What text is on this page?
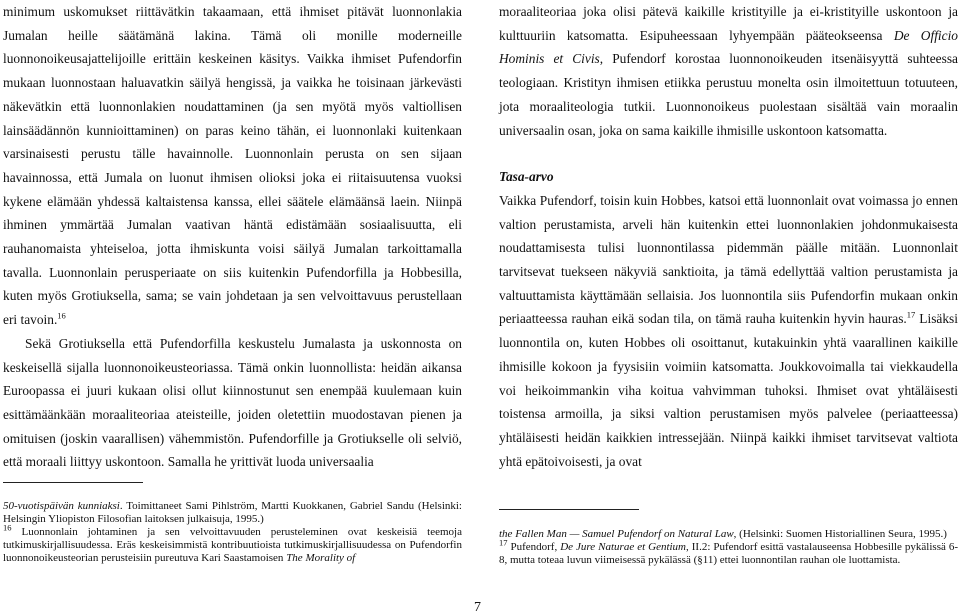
minimum uskomukset riittävätkin takaamaan, että ihmiset pitävät luonnonlakia Jumalan heille säätämänä lakina. Tämä oli monille moderneille luonnonoikeusajattelijoille erittäin keskeinen käsitys. Vaikka ihmiset Pufendorfin mukaan luonnostaan haluavatkin säilyä hengissä, ja vaikka he toisinaan järkevästi näkevätkin että luonnonlakien noudattaminen (ja sen myötä myös valtiollisen lainsäädännön kunnioittaminen) on paras keino tähän, ei luonnonlaki kuitenkaan varsinaisesti perustu tälle havainnolle. Luonnonlain perusta on sen sijaan havainnossa, että Jumala on luonut ihmisen olioksi joka ei riitaisuutensa vuoksi kykene elämään yhdessä kaltaistensa kanssa, ellei säätele elämäänsä laein. Niinpä ihminen ymmärtää Jumalan vaativan häntä edistämään sosiaalisuutta, eli rauhanomaista yhteiseloa, jotta ihmiskunta voisi säilyä Jumalan tarkoittamalla tavalla. Luonnonlain perusperiaate on siis kuitenkin Pufendorfilla ja Hobbesilla, kuten myös Grotiuksella, sama; se vain johdetaan ja sen velvoittavuus perustellaan eri tavoin.$^{16}$

Sekä Grotiuksella että Pufendorfilla keskustelu Jumalasta ja uskonnosta on keskeisellä sijalla luonnonoikeusteoriassa. Tämä onkin luonnollista: heidän aikansa Euroopassa ei juuri kukaan olisi ollut kiinnostunut sen enempää kuulemaan kuin esittämäänkään moraaliteoriaa ateisteille, joiden oletettiin muodostavan pienen ja omituisen (joskin vaarallisen) vähemmistön. Pufendorfille ja Grotiukselle oli selviö, että moraali liittyy uskontoon. Samalla he yrittivät luoda universaalia

moraaliteoriaa joka olisi pätevä kaikille kristityille ja ei-kristityille uskontoon ja kulttuuriin katsomatta. Esipuheessaan lyhyempään pääteokseensa De Officio Hominis et Civis, Pufendorf korostaa luonnonoikeuden itsenäisyyttä suhteessa teologiaan. Kristityn ihmisen etiikka perustuu monelta osin ilmoitettuun totuuteen, jota moraaliteologia tutkii. Luonnonoikeus puolestaan sisältää vain moraalin universaalin osan, joka on sama kaikille ihmisille uskontoon katsomatta.

Tasa-arvo

Vaikka Pufendorf, toisin kuin Hobbes, katsoi että luonnonlait ovat voimassa jo ennen valtion perustamista, arveli hän kuitenkin ettei luonnonlakien johdonmukaisesta noudattamisesta tulisi luonnontilassa pidemmän päälle mitään. Luonnonlait tarvitsevat tuekseen näkyviä sanktioita, ja tämä edellyttää valtion perustamista ja valtuuttamista käyttämään sellaisia. Jos luonnontila siis Pufendorfin mukaan onkin periaatteessa rauhan eikä sodan tila, on tämä rauha kuitenkin hyvin hauras.$^{17}$ Lisäksi luonnontila on, kuten Hobbes oli osoittanut, kutakuinkin yhtä vaarallinen kaikille ihmisille kokoon ja fyysisiin voimiin katsomatta. Joukkovoimalla tai viekkaudella voi heikoimmankin viha koitua vahvimman tuhoksi. Ihmiset ovat yhtäläisesti toistensa armoilla, ja siksi valtion perustamisen myös palvelee (periaatteessa) yhtäläisesti heidän kaikkien intressejään. Niinpä kaikki ihmiset tarvitsevat valtiota yhtä epätoivoisesti, ja ovat

50-vuotispäivän kunniaksi. Toimittaneet Sami Pihlström, Martti Kuokkanen, Gabriel Sandu (Helsinki: Helsingin Yliopiston Filosofian laitoksen julkaisuja, 1995.)

$^{16}$ Luonnonlain johtaminen ja sen velvoittavuuden perusteleminen ovat keskeisiä teemoja tutkimuskirjallisuudessa. Eräs keskeisimmistä kontribuutioista tutkimuskirjallisuudessa on Pufendorfin luonnonoikeusteorian perusteisiin pureutuva Kari Saastamoisen The Morality of

the Fallen Man — Samuel Pufendorf on Natural Law, (Helsinki: Suomen Historiallinen Seura, 1995.)

$^{17}$ Pufendorf, De Jure Naturae et Gentium, II.2: Pufendorf esittä vastalauseensa Hobbesille pykälissä 6-8, mutta toteaa luvun viimeisessä pykälässä (§11) ettei luonnontilan rauhan ole luottamista.

7
